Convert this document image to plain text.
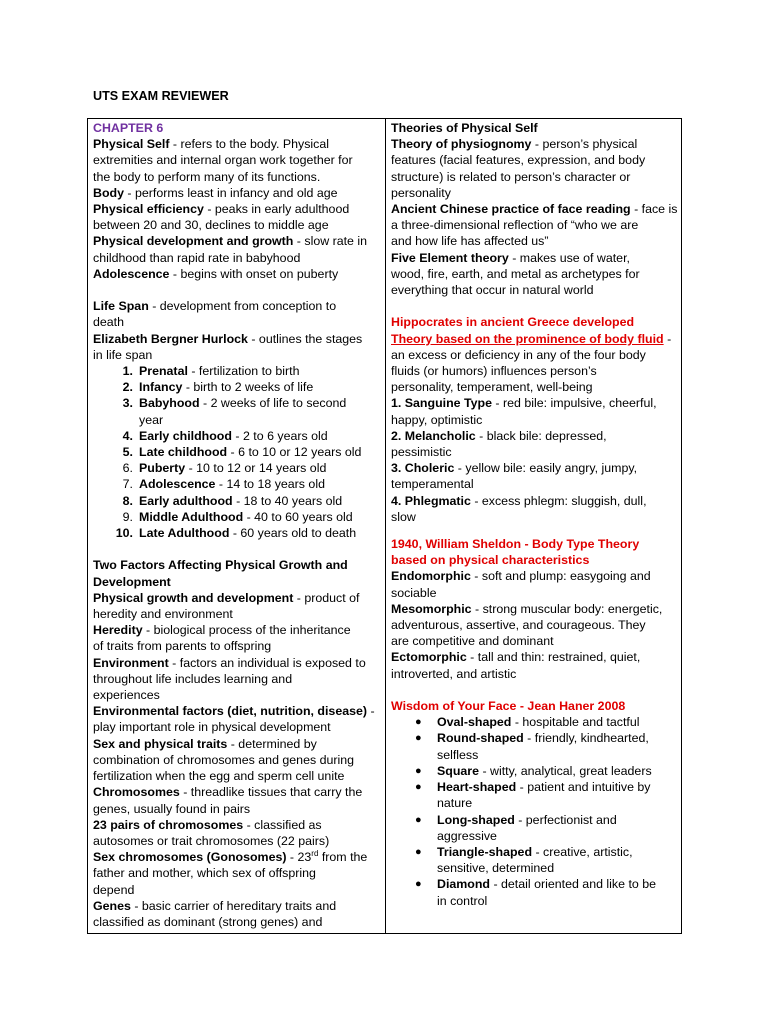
UTS EXAM REVIEWER
CHAPTER 6
Physical Self - refers to the body. Physical
extremities and internal organ work together for
the body to perform many of its functions.
Body - performs least in infancy and old age
Physical efficiency - peaks in early adulthood
between 20 and 30, declines to middle age
Physical development and growth - slow rate in
childhood than rapid rate in babyhood
Adolescence - begins with onset on puberty
Life Span - development from conception to
death
Elizabeth Bergner Hurlock - outlines the stages
in life span
1. Prenatal - fertilization to birth
2. Infancy - birth to 2 weeks of life
3. Babyhood - 2 weeks of life to second
year
4. Early childhood - 2 to 6 years old
5. Late childhood - 6 to 10 or 12 years old
6. Puberty - 10 to 12 or 14 years old
7. Adolescence - 14 to 18 years old
8. Early adulthood - 18 to 40 years old
9. Middle Adulthood - 40 to 60 years old
10. Late Adulthood - 60 years old to death
Two Factors Affecting Physical Growth and
Development
Physical growth and development - product of
heredity and environment
Heredity - biological process of the inheritance
of traits from parents to offspring
Environment - factors an individual is exposed to
throughout life includes learning and
experiences
Environmental factors (diet, nutrition, disease) -
play important role in physical development
Sex and physical traits - determined by
combination of chromosomes and genes during
fertilization when the egg and sperm cell unite
Chromosomes - threadlike tissues that carry the
genes, usually found in pairs
23 pairs of chromosomes - classified as
autosomes or trait chromosomes (22 pairs)
Sex chromosomes (Gonosomes) - 23rd from the
father and mother, which sex of offspring
depend
Genes - basic carrier of hereditary traits and
classified as dominant (strong genes) and
Theories of Physical Self
Theory of physiognomy - person’s physical
features (facial features, expression, and body
structure) is related to person’s character or
personality
Ancient Chinese practice of face reading - face is
a three-dimensional reflection of “who we are
and how life has affected us”
Five Element theory - makes use of water,
wood, fire, earth, and metal as archetypes for
everything that occur in natural world
Hippocrates in ancient Greece developed
Theory based on the prominence of body fluid -
an excess or deficiency in any of the four body
fluids (or humors) influences person’s
personality, temperament, well-being
1. Sanguine Type - red bile: impulsive, cheerful,
happy, optimistic
2. Melancholic - black bile: depressed,
pessimistic
3. Choleric - yellow bile: easily angry, jumpy,
temperamental
4. Phlegmatic - excess phlegm: sluggish, dull,
slow
1940, William Sheldon - Body Type Theory
based on physical characteristics
Endomorphic - soft and plump: easygoing and
sociable
Mesomorphic - strong muscular body: energetic,
adventurous, assertive, and courageous. They
are competitive and dominant
Ectomorphic - tall and thin: restrained, quiet,
introverted, and artistic
Wisdom of Your Face - Jean Haner 2008
● Oval-shaped - hospitable and tactful
● Round-shaped - friendly, kindhearted,
selfless
● Square - witty, analytical, great leaders
● Heart-shaped - patient and intuitive by
nature
● Long-shaped - perfectionist and
aggressive
● Triangle-shaped - creative, artistic,
sensitive, determined
● Diamond - detail oriented and like to be
in control
